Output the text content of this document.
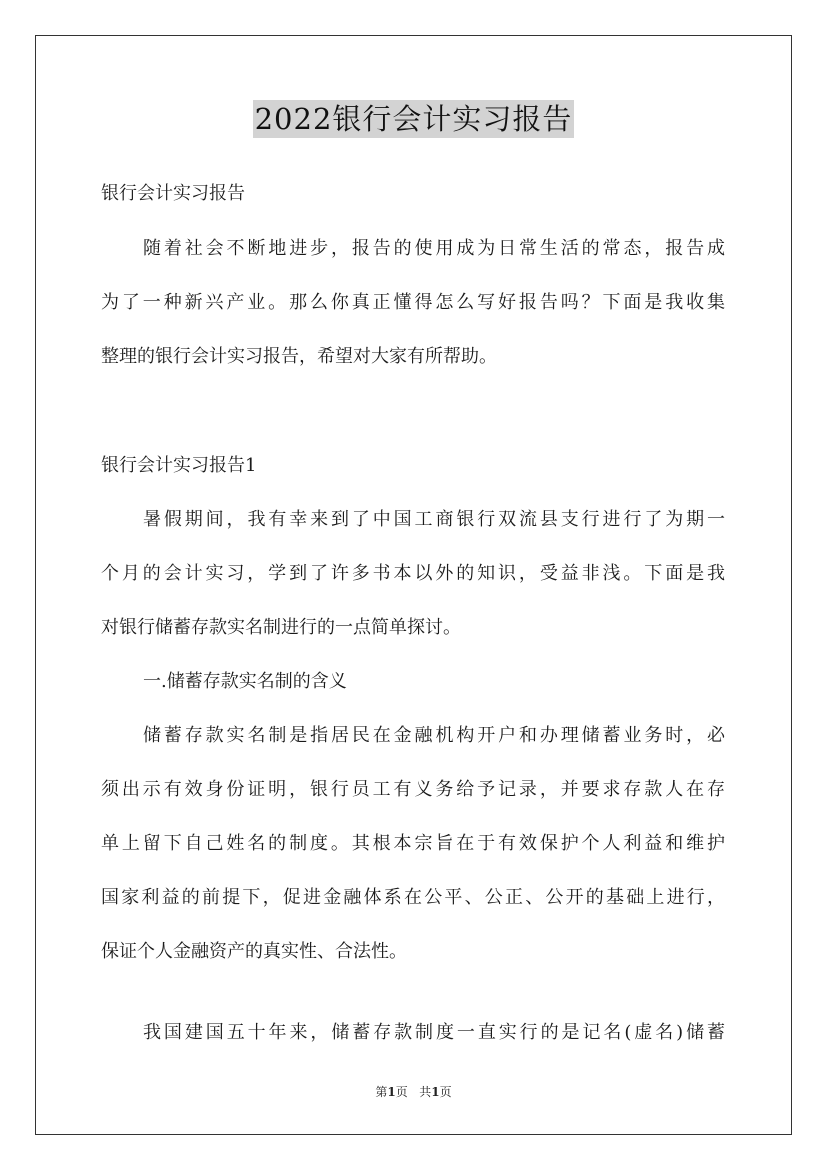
2022银行会计实习报告
银行会计实习报告
随着社会不断地进步，报告的使用成为日常生活的常态，报告成
为了一种新兴产业。那么你真正懂得怎么写好报告吗？下面是我收集
整理的银行会计实习报告，希望对大家有所帮助。
银行会计实习报告1
暑假期间，我有幸来到了中国工商银行双流县支行进行了为期一
个月的会计实习，学到了许多书本以外的知识，受益非浅。下面是我
对银行储蓄存款实名制进行的一点简单探讨。
一.储蓄存款实名制的含义
储蓄存款实名制是指居民在金融机构开户和办理储蓄业务时，必
须出示有效身份证明，银行员工有义务给予记录，并要求存款人在存
单上留下自己姓名的制度。其根本宗旨在于有效保护个人利益和维护
国家利益的前提下，促进金融体系在公平、公正、公开的基础上进行，
保证个人金融资产的真实性、合法性。
我国建国五十年来，储蓄存款制度一直实行的是记名(虚名)储蓄
第1页 共1页
